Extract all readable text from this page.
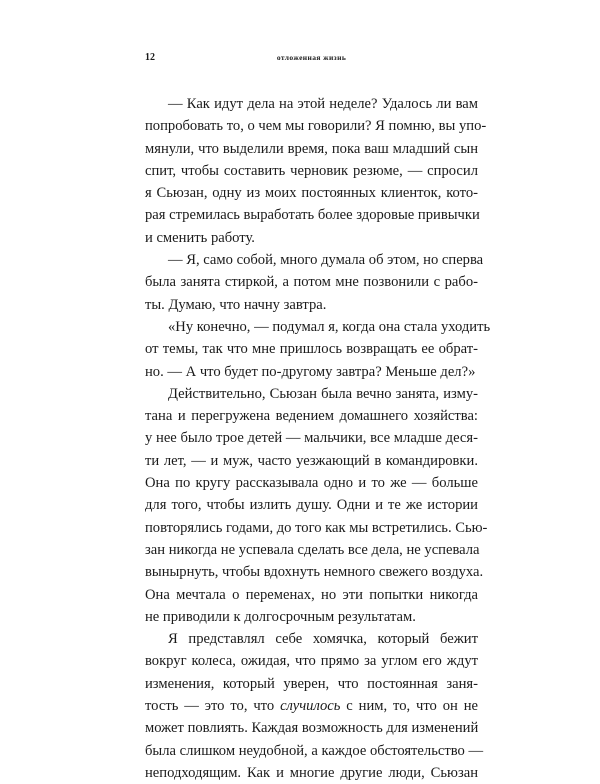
12	отложенная жизнь

— Как идут дела на этой неделе? Удалось ли вам
попробовать то, о чем мы говорили? Я помню, вы упо-
мянули, что выделили время, пока ваш младший сын
спит, чтобы составить черновик резюме, — спросил
я Сьюзан, одну из моих постоянных клиенток, кото-
рая стремилась выработать более здоровые привычки
и сменить работу.

— Я, само собой, много думала об этом, но сперва
была занята стиркой, а потом мне позвонили с рабо-
ты. Думаю, что начну завтра.

«Ну конечно, — подумал я, когда она стала уходить
от темы, так что мне пришлось возвращать ее обрат-
но. — А что будет по-другому завтра? Меньше дел?»

Действительно, Сьюзан была вечно занята, изму-
тана и перегружена ведением домашнего хозяйства:
у нее было трое детей — мальчики, все младше деся-
ти лет, — и муж, часто уезжающий в командировки.
Она по кругу рассказывала одно и то же — больше
для того, чтобы излить душу. Одни и те же истории
повторялись годами, до того как мы встретились. Сью-
зан никогда не успевала сделать все дела, не успевала
вынырнуть, чтобы вдохнуть немного свежего воздуха.
Она мечтала о переменах, но эти попытки никогда
не приводили к долгосрочным результатам.

Я представлял себе хомячка, который бежит
вокруг колеса, ожидая, что прямо за углом его ждут
изменения, который уверен, что постоянная заня-
тость — это то, что случилось с ним, то, что он не
может повлиять. Каждая возможность для изменений
была слишком неудобной, а каждое обстоятельство —
неподходящим. Как и многие другие люди, Сьюзан
